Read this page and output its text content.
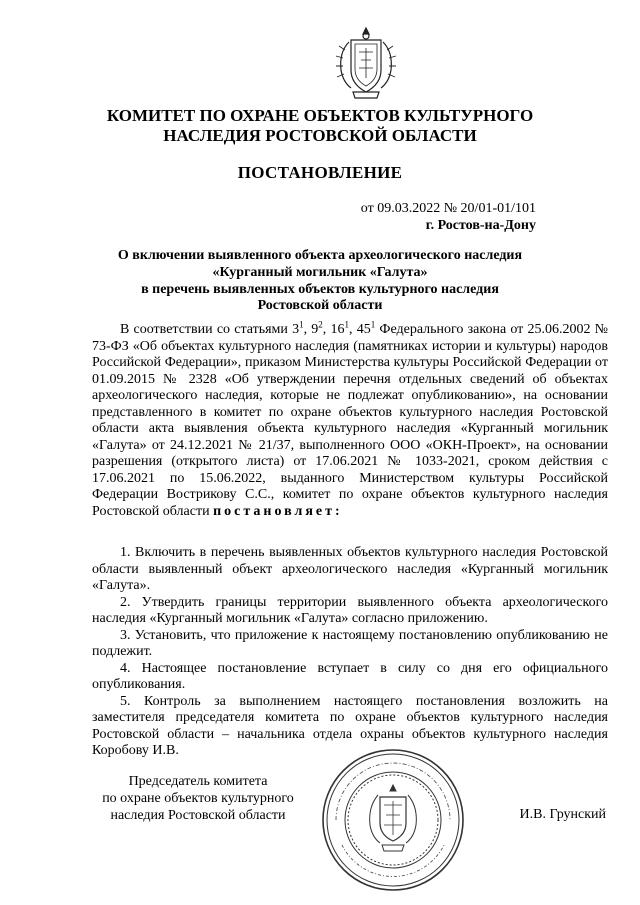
КОМИТЕТ ПО ОХРАНЕ ОБЪЕКТОВ КУЛЬТУРНОГО
НАСЛЕДИЯ РОСТОВСКОЙ ОБЛАСТИ
ПОСТАНОВЛЕНИЕ
от 09.03.2022 № 20/01-01/101
г. Ростов-на-Дону
О включении выявленного объекта археологического наследия
«Курганный могильник «Галута»
в перечень выявленных объектов культурного наследия
Ростовской области

В соответствии со статьями $3^1$, $9^2$, $16^1$, $45^1$ Федерального закона от 25.06.2002 № 73-ФЗ «Об объектах культурного наследия (памятниках истории и культуры) народов Российской Федерации», приказом Министерства культуры Российской Федерации от 01.09.2015 № 2328 «Об утверждении перечня отдельных сведений об объектах археологического наследия, которые не подлежат опубликованию», на основании представленного в комитет по охране объектов культурного наследия Ростовской области акта выявления объекта культурного наследия «Курганный могильник «Галута» от 24.12.2021 № 21/37, выполненного ООО «ОКН-Проект», на основании разрешения (открытого листа) от 17.06.2021 № 1033-2021, сроком действия с 17.06.2021 по 15.06.2022, выданного Министерством культуры Российской Федерации Вострикову С.С., комитет по охране объектов культурного наследия Ростовской области постановляет:

1. Включить в перечень выявленных объектов культурного наследия Ростовской области выявленный объект археологического наследия «Курганный могильник «Галута».

2. Утвердить границы территории выявленного объекта археологического наследия «Курганный могильник «Галута» согласно приложению.

3. Установить, что приложение к настоящему постановлению опубликованию не подлежит.

4. Настоящее постановление вступает в силу со дня его официального опубликования.

5. Контроль за выполнением настоящего постановления возложить на заместителя председателя комитета по охране объектов культурного наследия Ростовской области – начальника отдела охраны объектов культурного наследия Коробову И.В.

Председатель комитета
по охране объектов культурного
наследия Ростовской области	И.В. Грунский
